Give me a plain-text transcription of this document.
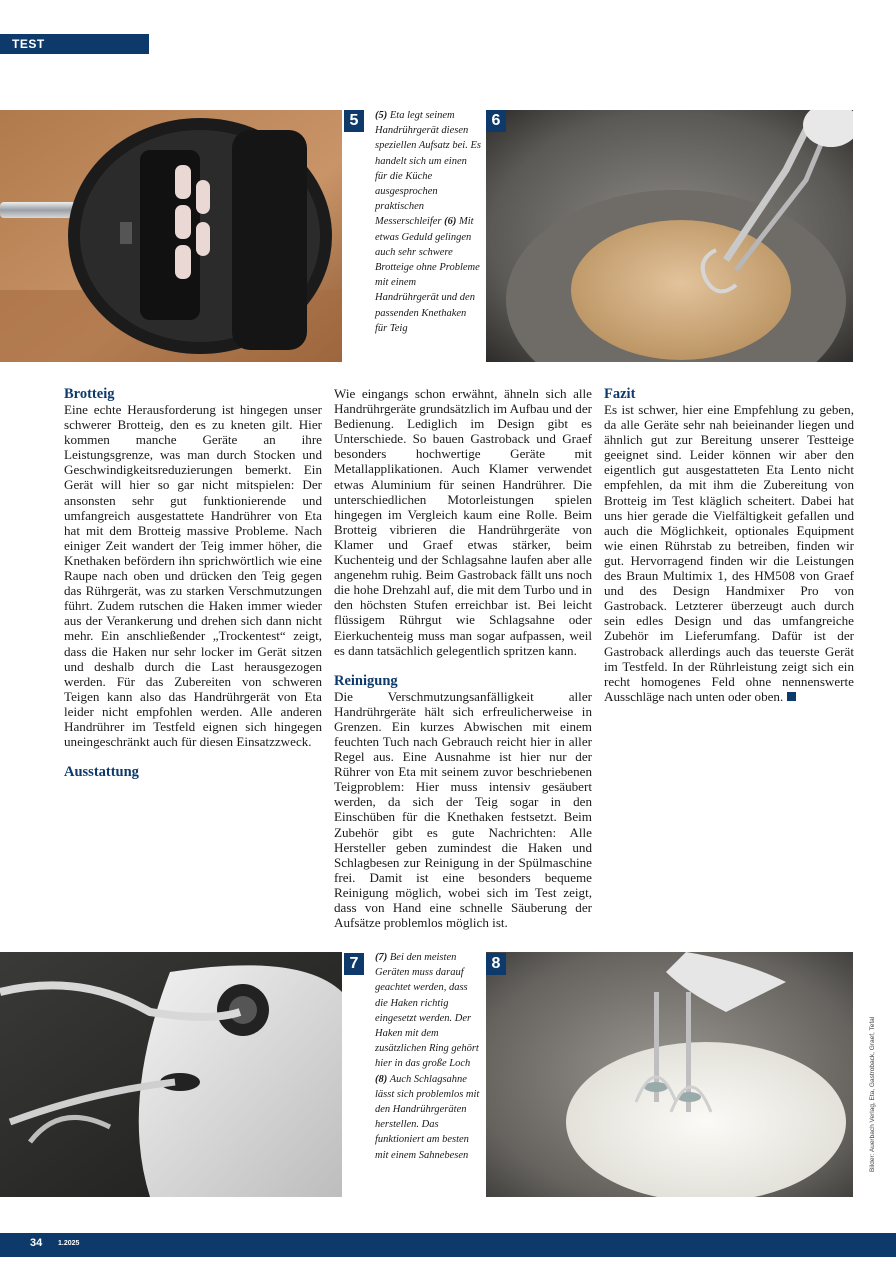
TEST
5	(5) Eta legt seinem Handrührgerät diesen speziellen Aufsatz bei. Es handelt sich um einen für die Küche ausgesprochen praktischen Messerschleifer (6) Mit etwas Geduld gelingen auch sehr schwere Brotteige ohne Probleme mit einem Handrührgerät und den passenden Knethaken für Teig
6
Brotteig

Eine echte Herausforderung ist hingegen unser schwerer Brotteig, den es zu kneten gilt. Hier kommen manche Geräte an ihre Leistungsgrenze, was man durch Stocken und Geschwindigkeitsreduzierungen bemerkt. Ein Gerät will hier so gar nicht mitspielen: Der ansonsten sehr gut funktionierende und umfangreich ausgestattete Handrührer von Eta hat mit dem Brotteig massive Probleme. Nach einiger Zeit wandert der Teig immer höher, die Knethaken befördern ihn sprichwörtlich wie eine Raupe nach oben und drücken den Teig gegen das Rührgerät, was zu starken Verschmutzungen führt. Zudem rutschen die Haken immer wieder aus der Verankerung und drehen sich dann nicht mehr. Ein anschließender „Trockentest“ zeigt, dass die Haken nur sehr locker im Gerät sitzen und deshalb durch die Last herausgezogen werden. Für das Zubereiten von schweren Teigen kann also das Handrührgerät von Eta leider nicht empfohlen werden. Alle anderen Handrührer im Testfeld eignen sich hingegen uneingeschränkt auch für diesen Einsatzzweck.

Ausstattung

Wie eingangs schon erwähnt, ähneln sich alle Handrührgeräte grundsätzlich im Aufbau und der Bedienung. Lediglich im Design gibt es Unterschiede. So bauen Gastroback und Graef besonders hochwertige Geräte mit Metallapplikationen. Auch Klamer verwendet etwas Aluminium für seinen Handrührer. Die unterschiedlichen Motorleistungen spielen hingegen im Vergleich kaum eine Rolle. Beim Brotteig vibrieren die Handrührgeräte von Klamer und Graef etwas stärker, beim Kuchenteig und der Schlagsahne laufen aber alle angenehm ruhig. Beim Gastroback fällt uns noch die hohe Drehzahl auf, die mit dem Turbo und in den höchsten Stufen erreichbar ist. Bei leicht flüssigem Rührgut wie Schlagsahne oder Eierkuchenteig muss man sogar aufpassen, weil es dann tatsächlich gelegentlich spritzen kann.

Reinigung

Die Verschmutzungsanfälligkeit aller Handrührgeräte hält sich erfreulicherweise in Grenzen. Ein kurzes Abwischen mit einem feuchten Tuch nach Gebrauch reicht hier in aller Regel aus. Eine Ausnahme ist hier nur der Rührer von Eta mit seinem zuvor beschriebenen Teigproblem: Hier muss intensiv gesäubert werden, da sich der Teig sogar in den Einschüben für die Knethaken festsetzt. Beim Zubehör gibt es gute Nachrichten: Alle Hersteller geben zumindest die Haken und Schlagbesen zur Reinigung in der Spülmaschine frei. Damit ist eine besonders bequeme Reinigung möglich, wobei sich im Test zeigt, dass von Hand eine schnelle Säuberung der Aufsätze problemlos möglich ist.

Fazit

Es ist schwer, hier eine Empfehlung zu geben, da alle Geräte sehr nah beieinander liegen und ähnlich gut zur Bereitung unserer Testteige geeignet sind. Leider können wir aber den eigentlich gut ausgestatteten Eta Lento nicht empfehlen, da mit ihm die Zubereitung von Brotteig im Test kläglich scheitert. Dabei hat uns hier gerade die Vielfältigkeit gefallen und auch die Möglichkeit, optionales Equipment wie einen Rührstab zu betreiben, finden wir gut. Hervorragend finden wir die Leistungen des Braun Multimix 1, des HM508 von Graef und des Design Handmixer Pro von Gastroback. Letzterer überzeugt auch durch sein edles Design und das umfangreiche Zubehör im Lieferumfang. Dafür ist der Gastroback allerdings auch das teuerste Gerät im Testfeld. In der Rührleistung zeigt sich ein recht homogenes Feld ohne nennenswerte Ausschläge nach unten oder oben.

7	(7) Bei den meisten Geräten muss darauf geachtet werden, dass die Haken richtig eingesetzt werden. Der Haken mit dem zusätzlichen Ring gehört hier in das große Loch (8) Auch Schlagsahne lässt sich problemlos mit den Handrührgeräten herstellen. Das funktioniert am besten mit einem Sahnebesen
8
Bilder: Auerbach Verlag, Eta, Gastroback, Graef, Tefal
34 1.2025
